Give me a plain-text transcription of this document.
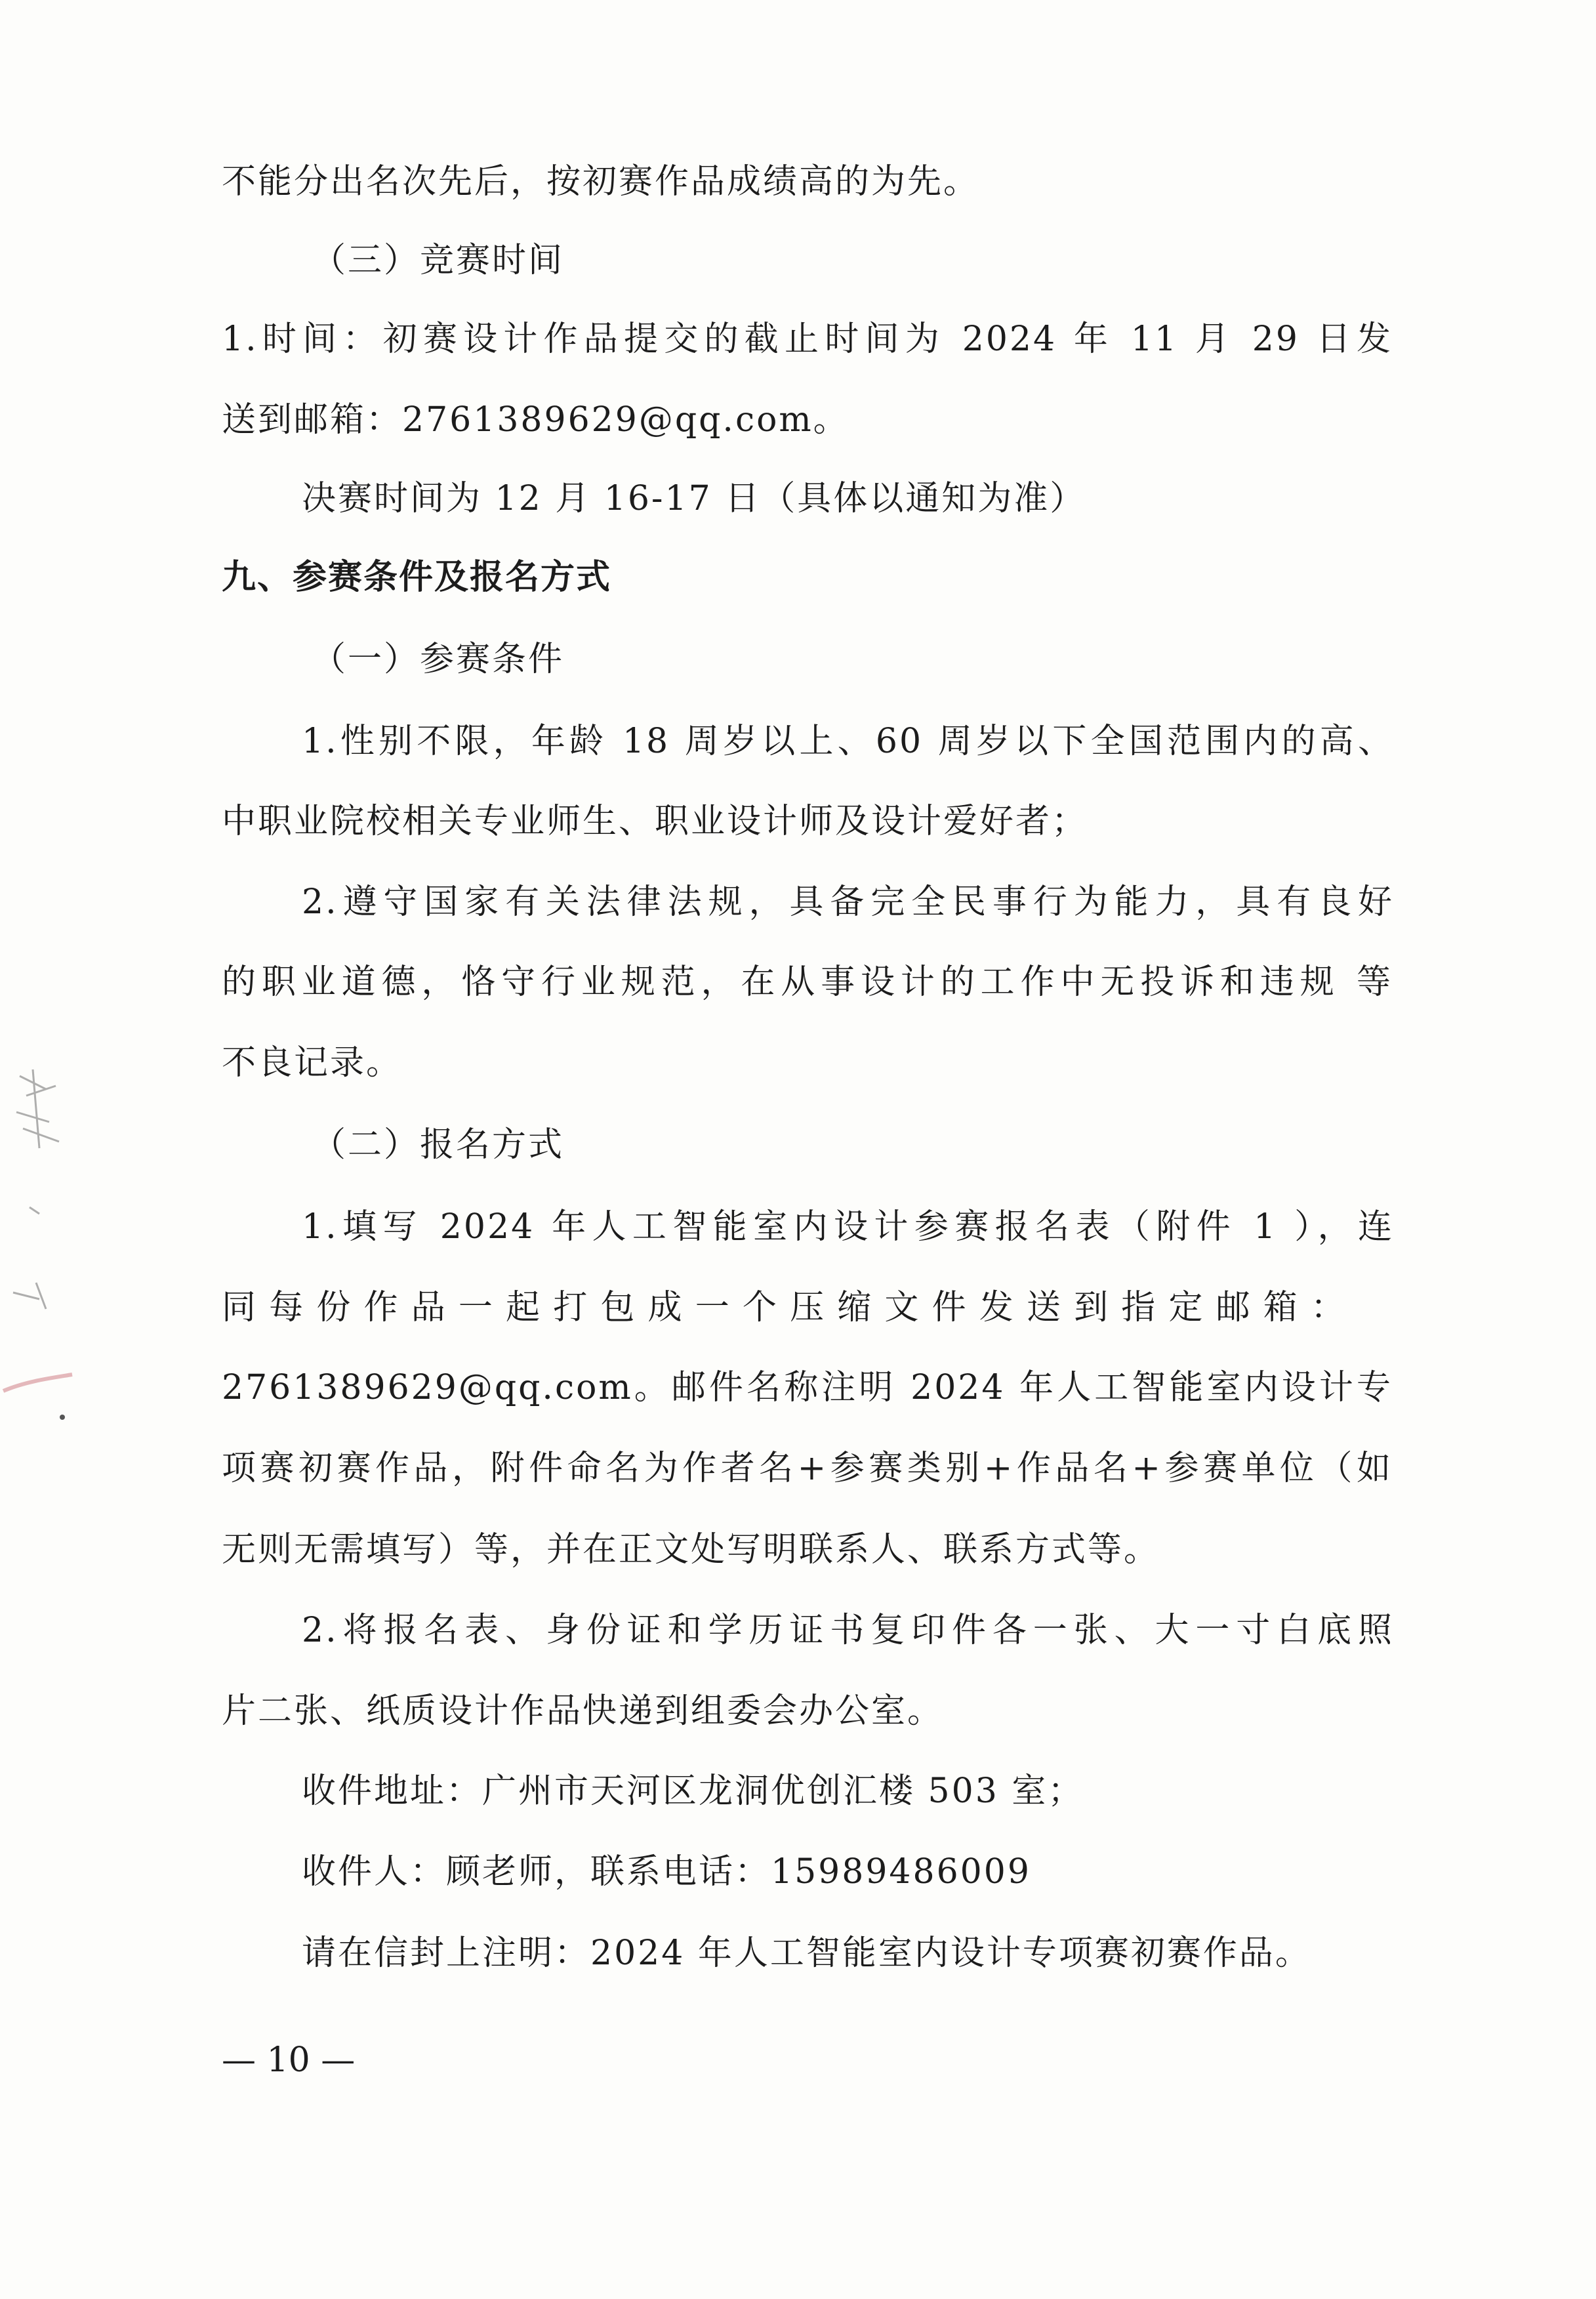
不能分出名次先后，按初赛作品成绩高的为先。
（三）竞赛时间
1.时间：初赛设计作品提交的截止时间为 2024 年 11 月 29 日发
送到邮箱：2761389629@qq.com。
决赛时间为 12 月 16-17 日（具体以通知为准）
九、参赛条件及报名方式
（一）参赛条件
1.性别不限，年龄 18 周岁以上、60 周岁以下全国范围内的高、
中职业院校相关专业师生、职业设计师及设计爱好者；
2.遵守国家有关法律法规，具备完全民事行为能力，具有良好
的职业道德，恪守行业规范，在从事设计的工作中无投诉和违规 等
不良记录。
（二）报名方式
1.填写 2024 年人工智能室内设计参赛报名表（附件 1 ），连
同每份作品一起打包成一个压缩文件发送到指定邮箱：
2761389629@qq.com。邮件名称注明 2024 年人工智能室内设计专
项赛初赛作品，附件命名为作者名+参赛类别+作品名+参赛单位（如
无则无需填写）等，并在正文处写明联系人、联系方式等。
2.将报名表、身份证和学历证书复印件各一张、大一寸白底照
片二张、纸质设计作品快递到组委会办公室。
收件地址：广州市天河区龙洞优创汇楼 503 室；
收件人：顾老师，联系电话：15989486009
请在信封上注明：2024 年人工智能室内设计专项赛初赛作品。
— 10 —
